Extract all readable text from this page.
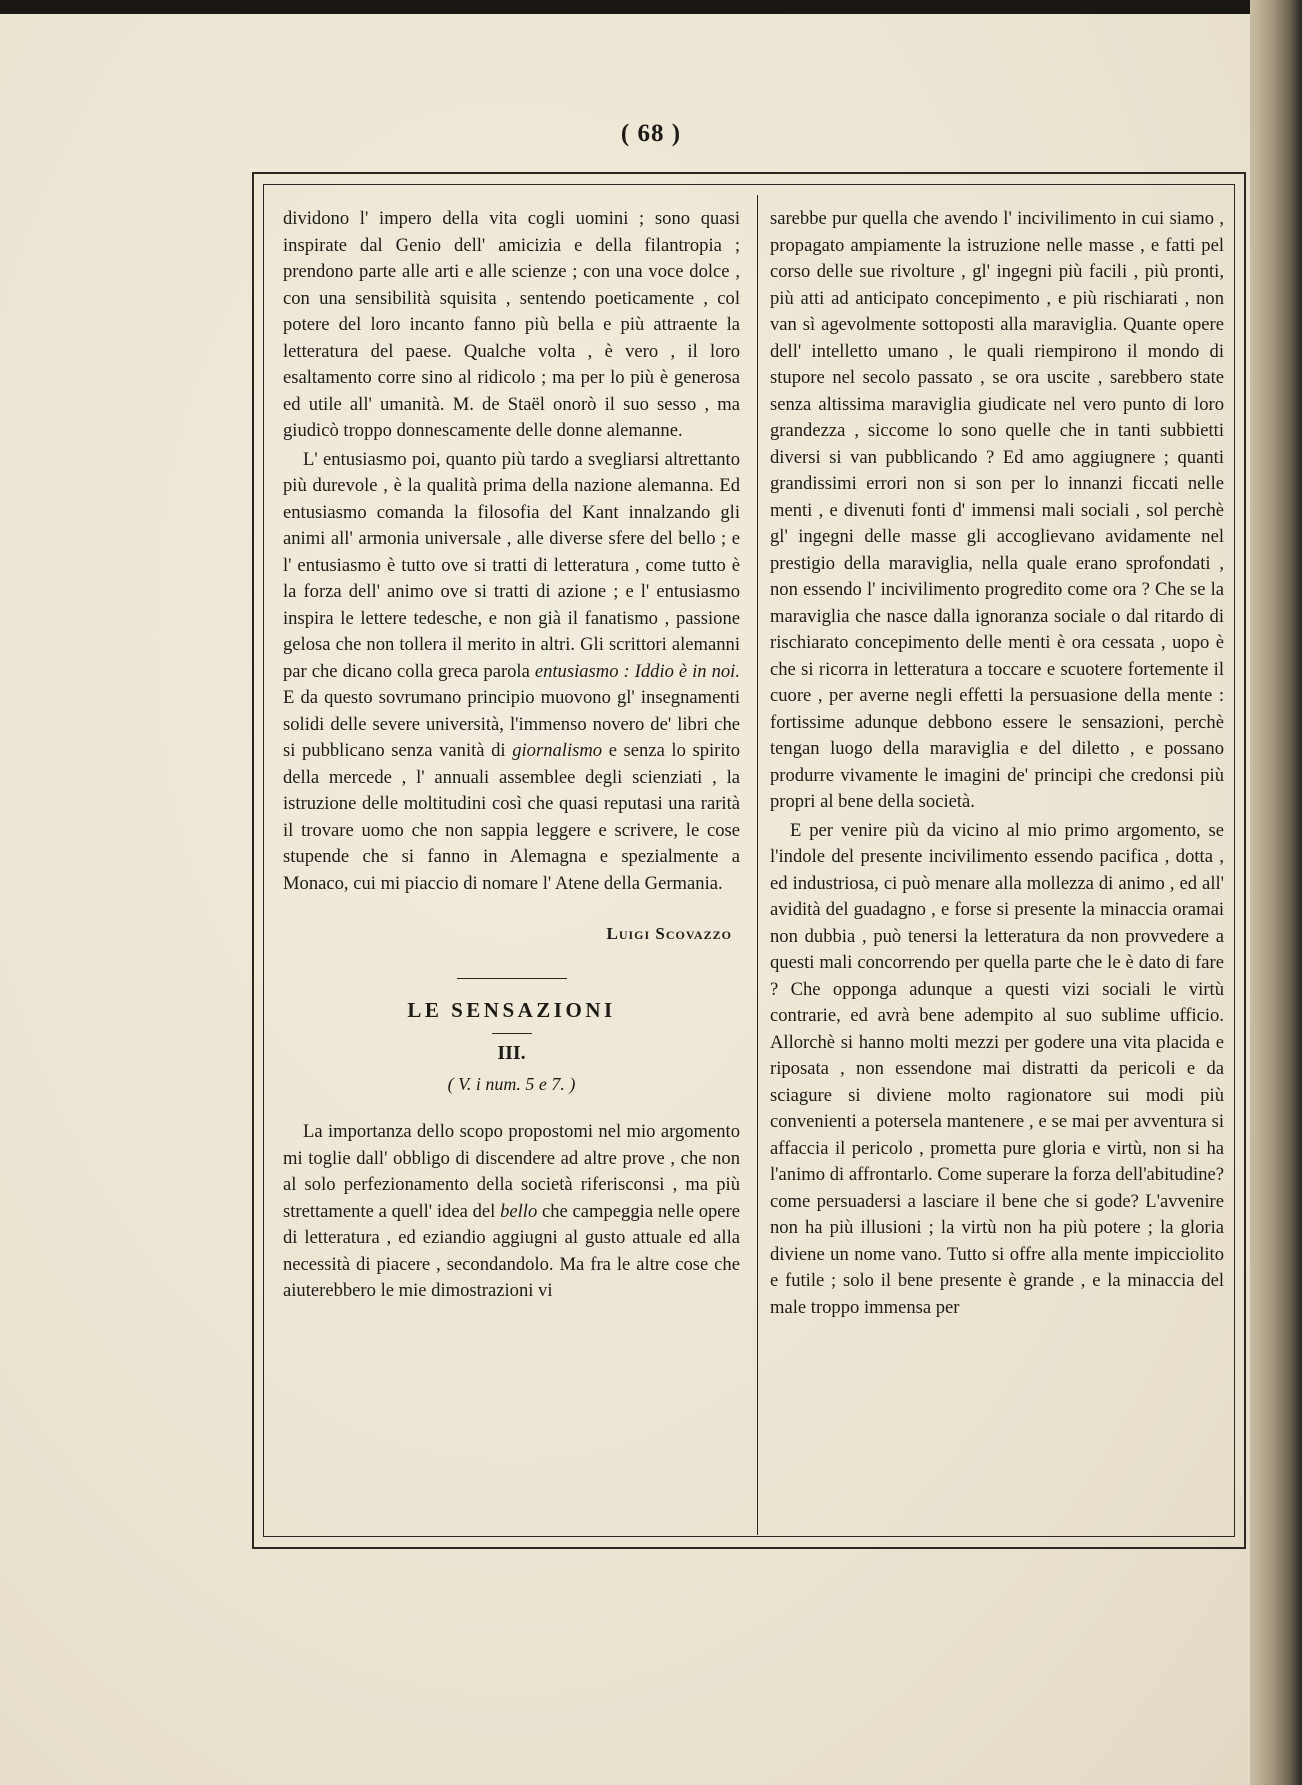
( 68 )

dividono l' impero della vita cogli uomini ; sono quasi inspirate dal Genio dell' amicizia e della filantropia ; prendono parte alle arti e alle scienze ; con una voce dolce , con una sensibilità squisita , sentendo poeticamente , col potere del loro incanto fanno più bella e più attraente la letteratura del paese. Qualche volta , è vero , il loro esaltamento corre sino al ridicolo ; ma per lo più è generosa ed utile all' umanità. M. de Staël onorò il suo sesso , ma giudicò troppo donnescamente delle donne alemanne.

L' entusiasmo poi, quanto più tardo a svegliarsi altrettanto più durevole , è la qualità prima della nazione alemanna. Ed entusiasmo comanda la filosofia del Kant innalzando gli animi all' armonia universale , alle diverse sfere del bello ; e l' entusiasmo è tutto ove si tratti di letteratura , come tutto è la forza dell' animo ove si tratti di azione ; e l' entusiasmo inspira le lettere tedesche, e non già il fanatismo , passione gelosa che non tollera il merito in altri. Gli scrittori alemanni par che dicano colla greca parola entusiasmo : Iddio è in noi. E da questo sovrumano principio muovono gl' insegnamenti solidi delle severe università, l'immenso novero de' libri che si pubblicano senza vanità di giornalismo e senza lo spirito della mercede , l' annuali assemblee degli scienziati , la istruzione delle moltitudini così che quasi reputasi una rarità il trovare uomo che non sappia leggere e scrivere, le cose stupende che si fanno in Alemagna e spezialmente a Monaco, cui mi piaccio di nomare l' Atene della Germania.

Luigi Scovazzo
LE SENSAZIONI
III.
( V. i num. 5 e 7. )

La importanza dello scopo propostomi nel mio argomento mi toglie dall' obbligo di discendere ad altre prove , che non al solo perfezionamento della società riferisconsi , ma più strettamente a quell' idea del bello che campeggia nelle opere di letteratura , ed eziandio aggiugni al gusto attuale ed alla necessità di piacere , secondandolo. Ma fra le altre cose che aiuterebbero le mie dimostrazioni vi

sarebbe pur quella che avendo l' incivilimento in cui siamo , propagato ampiamente la istruzione nelle masse , e fatti pel corso delle sue rivolture , gl' ingegni più facili , più pronti, più atti ad anticipato concepimento , e più rischiarati , non van sì agevolmente sottoposti alla maraviglia. Quante opere dell' intelletto umano , le quali riempirono il mondo di stupore nel secolo passato , se ora uscite , sarebbero state senza altissima maraviglia giudicate nel vero punto di loro grandezza , siccome lo sono quelle che in tanti subbietti diversi si van pubblicando ? Ed amo aggiugnere ; quanti grandissimi errori non si son per lo innanzi ficcati nelle menti , e divenuti fonti d' immensi mali sociali , sol perchè gl' ingegni delle masse gli accoglievano avidamente nel prestigio della maraviglia, nella quale erano sprofondati , non essendo l' incivilimento progredito come ora ? Che se la maraviglia che nasce dalla ignoranza sociale o dal ritardo di rischiarato concepimento delle menti è ora cessata , uopo è che si ricorra in letteratura a toccare e scuotere fortemente il cuore , per averne negli effetti la persuasione della mente : fortissime adunque debbono essere le sensazioni, perchè tengan luogo della maraviglia e del diletto , e possano produrre vivamente le imagini de' principi che credonsi più propri al bene della società.

E per venire più da vicino al mio primo argomento, se l'indole del presente incivilimento essendo pacifica , dotta , ed industriosa, ci può menare alla mollezza di animo , ed all' avidità del guadagno , e forse si presente la minaccia oramai non dubbia , può tenersi la letteratura da non provvedere a questi mali concorrendo per quella parte che le è dato di fare ? Che opponga adunque a questi vizi sociali le virtù contrarie, ed avrà bene adempito al suo sublime ufficio. Allorchè si hanno molti mezzi per godere una vita placida e riposata , non essendone mai distratti da pericoli e da sciagure si diviene molto ragionatore sui modi più convenienti a potersela mantenere , e se mai per avventura si affaccia il pericolo , prometta pure gloria e virtù, non si ha l'animo di affrontarlo. Come superare la forza dell'abitudine? come persuadersi a lasciare il bene che si gode? L'avvenire non ha più illusioni ; la virtù non ha più potere ; la gloria diviene un nome vano. Tutto si offre alla mente impicciolito e futile ; solo il bene presente è grande , e la minaccia del male troppo immensa per
